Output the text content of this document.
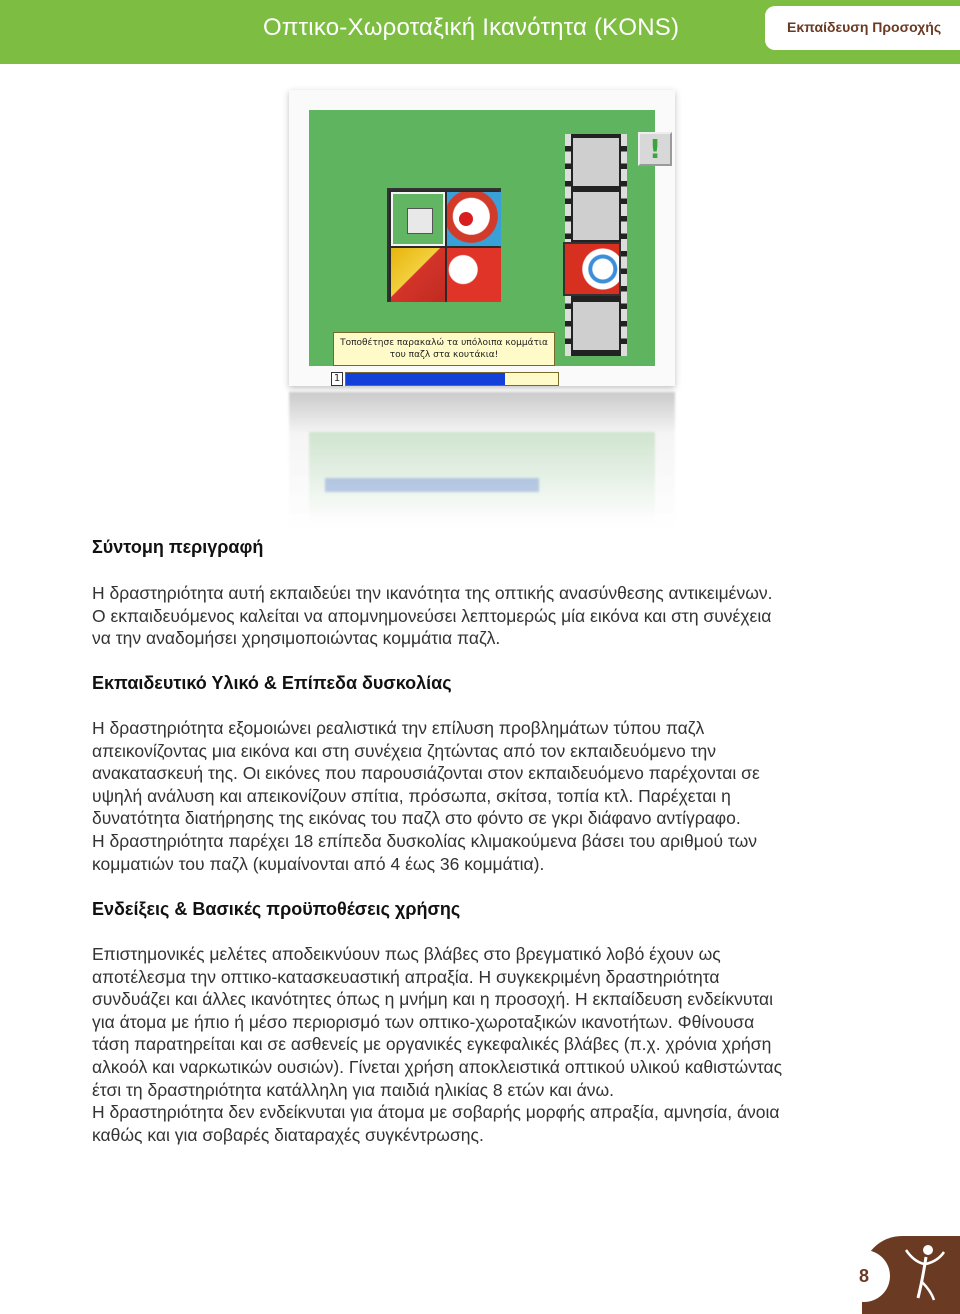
Οπτικο-Χωροταξική Ικανότητα (KONS)	Εκπαίδευση Προσοχής
!
Τοποθέτησε παρακαλώ τα υπόλοιπα κομμάτια
του παζλ στα κουτάκια!
1
Σύντομη περιγραφή

Η δραστηριότητα αυτή εκπαιδεύει την ικανότητα της οπτικής ανασύνθεσης αντικειμένων.

Ο εκπαιδευόμενος καλείται να απομνημονεύσει λεπτομερώς μία εικόνα και στη συνέχεια

να την αναδομήσει χρησιμοποιώντας κομμάτια παζλ.

Εκπαιδευτικό Υλικό & Επίπεδα δυσκολίας

Η δραστηριότητα εξομοιώνει ρεαλιστικά την επίλυση προβλημάτων τύπου παζλ

απεικονίζοντας μια εικόνα και στη συνέχεια ζητώντας από τον εκπαιδευόμενο την

ανακατασκευή της. Οι εικόνες που παρουσιάζονται στον εκπαιδευόμενο παρέχονται σε

υψηλή ανάλυση και απεικονίζουν σπίτια, πρόσωπα, σκίτσα, τοπία κτλ. Παρέχεται η

δυνατότητα διατήρησης της εικόνας του παζλ στο φόντο σε γκρι διάφανο αντίγραφο.

Η δραστηριότητα παρέχει 18 επίπεδα δυσκολίας κλιμακούμενα βάσει του αριθμού των

κομματιών του παζλ (κυμαίνονται από 4 έως 36 κομμάτια).

Ενδείξεις & Βασικές προϋποθέσεις χρήσης

Επιστημονικές μελέτες αποδεικνύουν πως βλάβες στο βρεγματικό λοβό έχουν ως

αποτέλεσμα την οπτικο-κατασκευαστική απραξία. Η συγκεκριμένη δραστηριότητα

συνδυάζει και άλλες ικανότητες όπως η μνήμη και η προσοχή. Η εκπαίδευση ενδείκνυται

για άτομα με ήπιο ή μέσο περιορισμό των οπτικο-χωροταξικών ικανοτήτων. Φθίνουσα

τάση παρατηρείται και σε ασθενείς με οργανικές εγκεφαλικές βλάβες (π.χ. χρόνια χρήση

αλκοόλ και ναρκωτικών ουσιών). Γίνεται χρήση αποκλειστικά οπτικού υλικού καθιστώντας

έτσι τη δραστηριότητα κατάλληλη για παιδιά ηλικίας 8 ετών και άνω.

Η δραστηριότητα δεν ενδείκνυται για άτομα με σοβαρής μορφής απραξία, αμνησία, άνοια

καθώς και για σοβαρές διαταραχές συγκέντρωσης.

8
